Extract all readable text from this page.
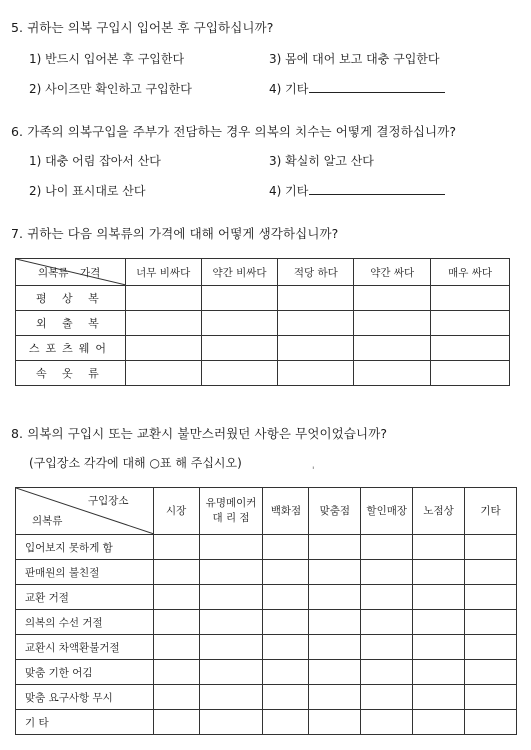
5. 귀하는 의복 구입시 입어본 후 구입하십니까?
1) 반드시 입어본 후 구입한다	3) 몸에 대어 보고 대충 구입한다
2) 사이즈만 확인하고 구입한다	4) 기타
6. 가족의 의복구입을 주부가 전담하는 경우 의복의 치수는 어떻게 결정하십니까?
1) 대충 어림 잡아서 산다	3) 확실히 알고 산다
2) 나이 표시대로 산다	4) 기타
7. 귀하는 다음 의복류의 가격에 대해 어떻게 생각하십니까?
의복류 가격	너무 비싸다	약간 비싸다	적당 하다	약간 싸다	매우 싸다
평 상 복					
외 출 복					
스포츠웨어					
속 옷 류					
8. 의복의 구입시 또는 교환시 불만스러웠던 사항은 무엇이었습니까?
(구입장소 각각에 대해 ○표 해 주십시오)
'
구입장소
의복류	시장	유명메이커 대 리 점	백화점	맞춤점	할인매장	노점상	기타
입어보지 못하게 함							
판매원의 불친절							
교환 거절							
의복의 수선 거절							
교환시 차액환불거절							
맞춤 기한 어김							
맞춤 요구사항 무시							
기 타							
